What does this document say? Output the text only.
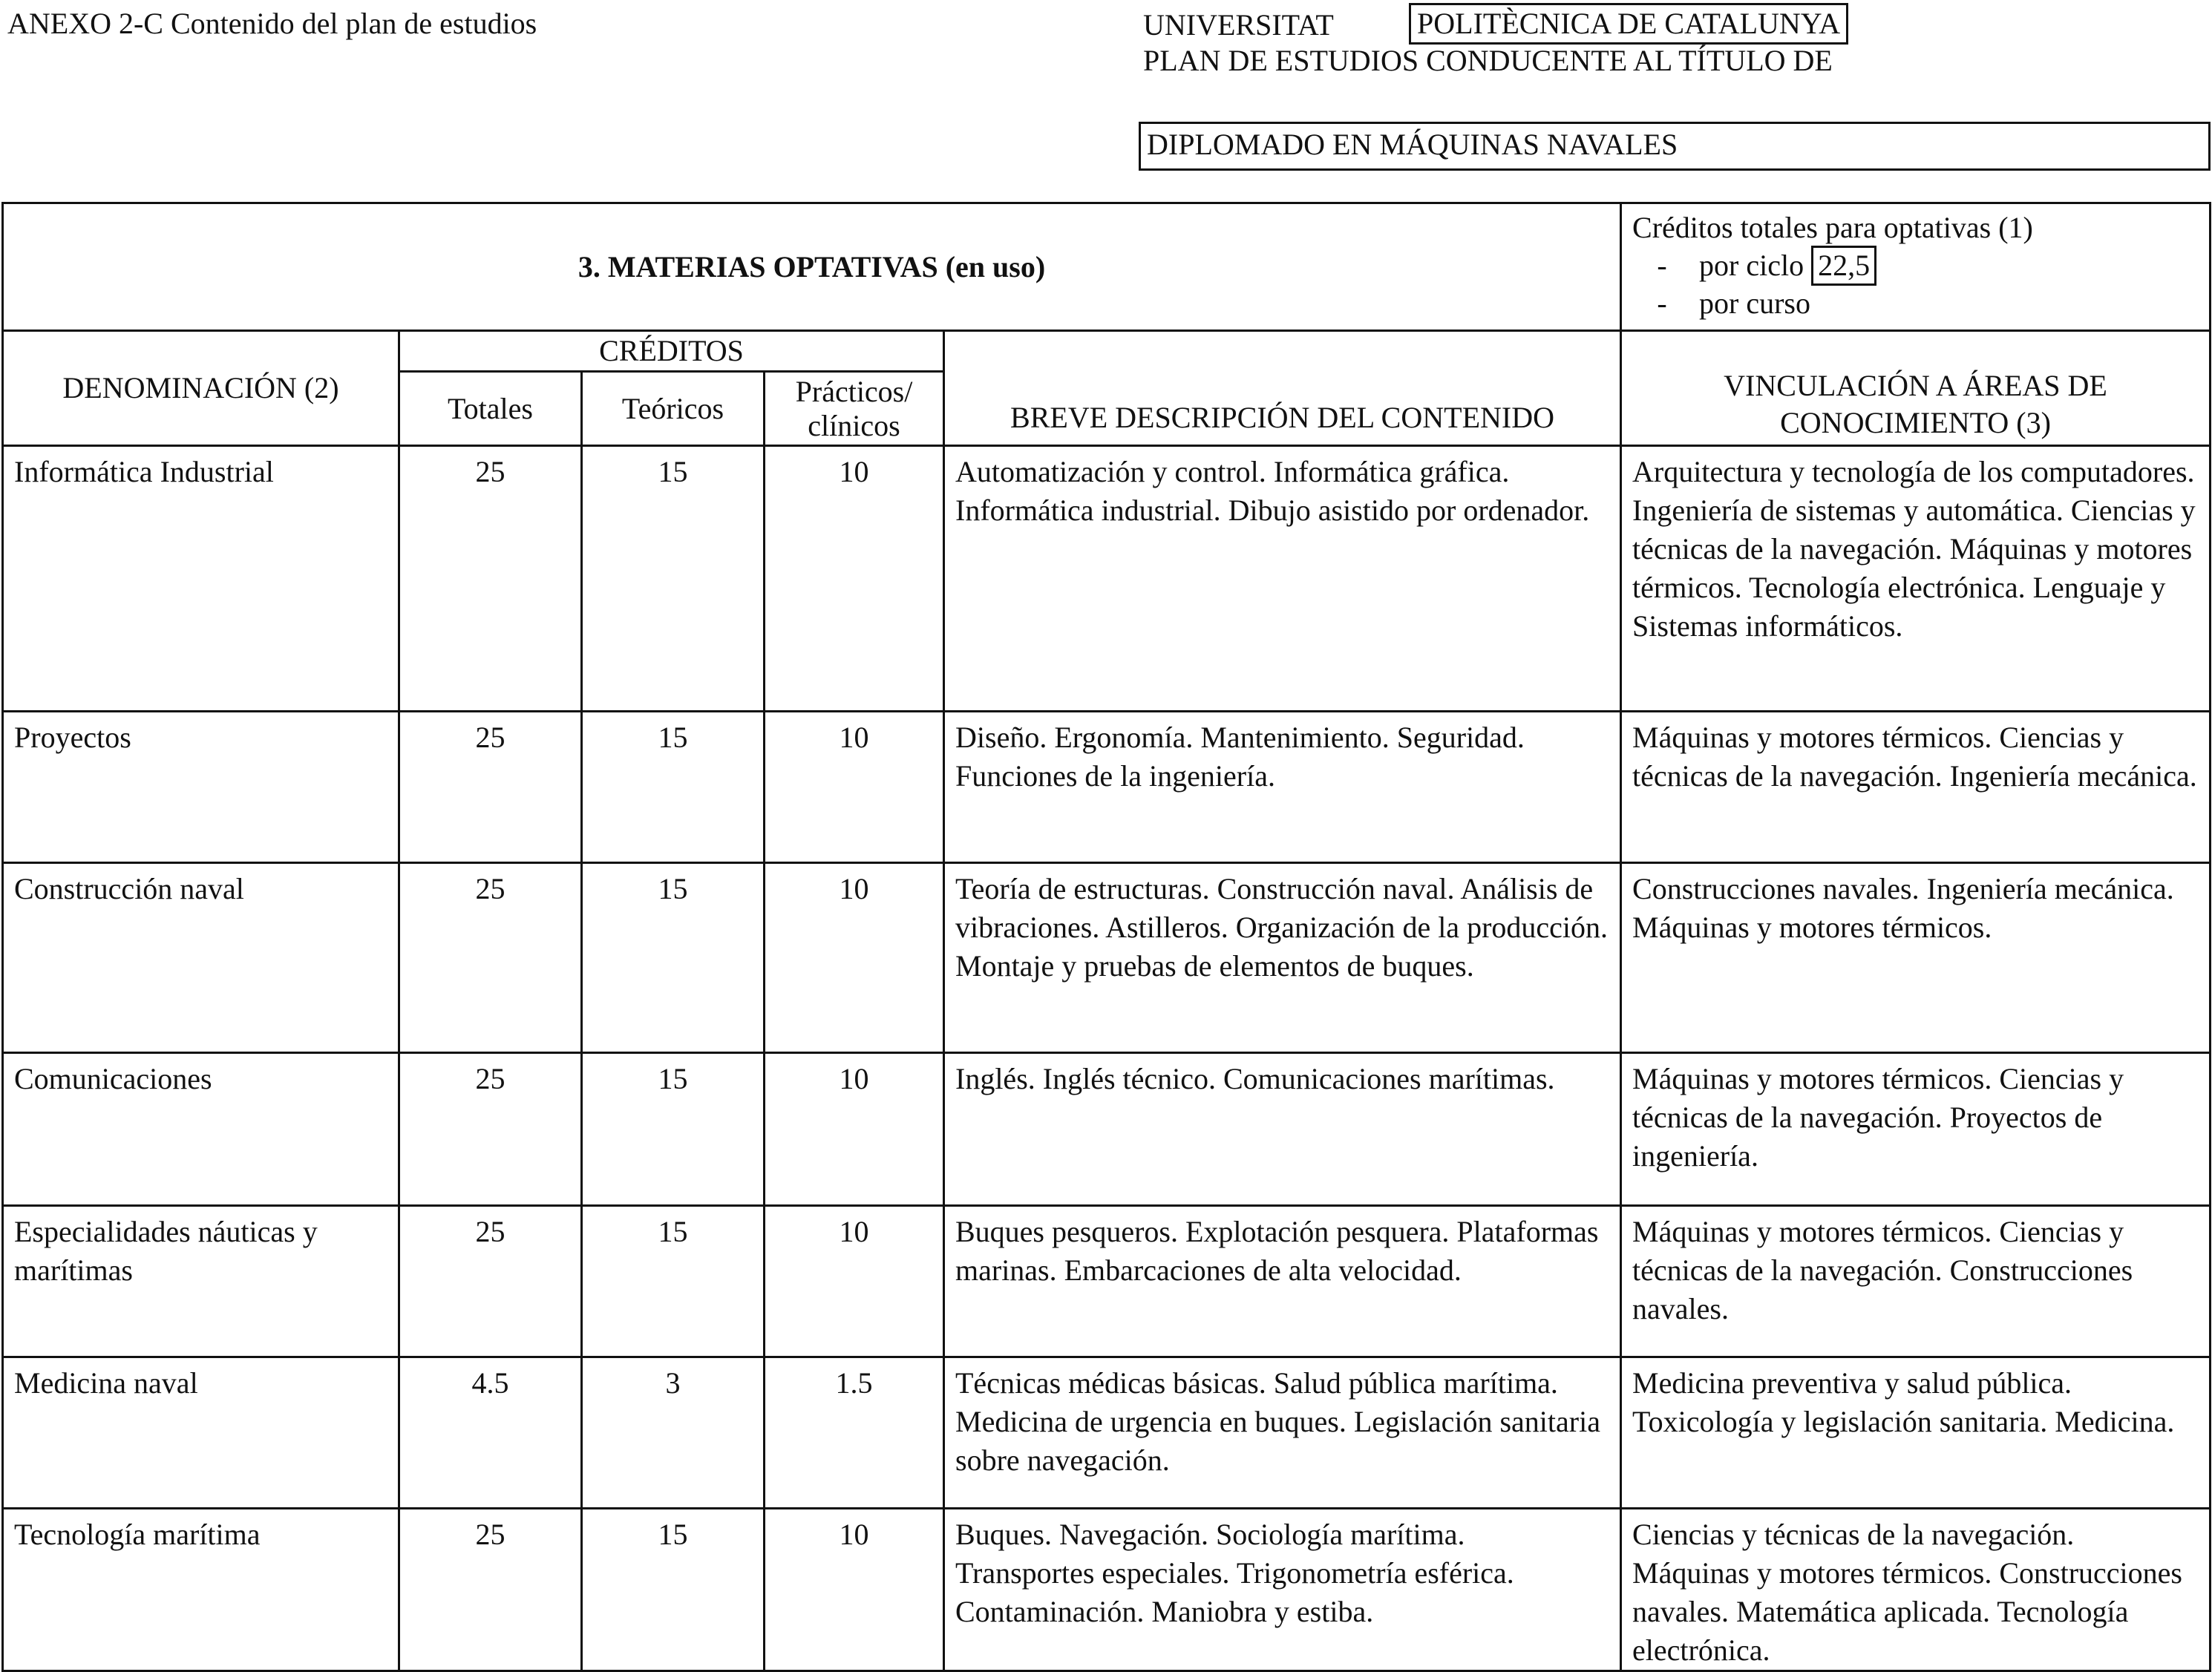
ANEXO 2-C Contenido del plan de estudios	UNIVERSITAT	POLITÈCNICA DE CATALUNYA
PLAN DE ESTUDIOS CONDUCENTE AL TÍTULO DE
DIPLOMADO EN MÁQUINAS NAVALES
3. MATERIAS OPTATIVAS (en uso)					Créditos totales para optativas (1)
- por ciclo 22,5
- por curso

DENOMINACIÓN (2)	CRÉDITOS			BREVE DESCRIPCIÓN DEL CONTENIDO	VINCULACIÓN A ÁREAS DE
CONOCIMIENTO (3)

	Totales	Teóricos	Prácticos/
clínicos		

Informática Industrial	25	15	10	Automatización y control. Informática gráfica. Informática industrial. Dibujo asistido por ordenador.	Arquitectura y tecnología de los computadores. Ingeniería de sistemas y automática. Ciencias y técnicas de la navegación. Máquinas y motores térmicos. Tecnología electrónica. Lenguaje y Sistemas informáticos.
Proyectos	25	15	10	Diseño. Ergonomía. Mantenimiento. Seguridad. Funciones de la ingeniería.	Máquinas y motores térmicos. Ciencias y técnicas de la navegación. Ingeniería mecánica.
Construcción naval	25	15	10	Teoría de estructuras. Construcción naval. Análisis de vibraciones. Astilleros. Organización de la producción. Montaje y pruebas de elementos de buques.	Construcciones navales. Ingeniería mecánica. Máquinas y motores térmicos.
Comunicaciones	25	15	10	Inglés. Inglés técnico. Comunicaciones marítimas.	Máquinas y motores térmicos. Ciencias y técnicas de la navegación. Proyectos de ingeniería.
Especialidades náuticas y marítimas	25	15	10	Buques pesqueros. Explotación pesquera. Plataformas marinas. Embarcaciones de alta velocidad.	Máquinas y motores térmicos. Ciencias y técnicas de la navegación. Construcciones navales.
Medicina naval	4.5	3	1.5	Técnicas médicas básicas. Salud pública marítima. Medicina de urgencia en buques. Legislación sanitaria sobre navegación.	Medicina preventiva y salud pública. Toxicología y legislación sanitaria. Medicina.
Tecnología marítima	25	15	10	Buques. Navegación. Sociología marítima. Transportes especiales. Trigonometría esférica. Contaminación. Maniobra y estiba.	Ciencias y técnicas de la navegación. Máquinas y motores térmicos. Construcciones navales. Matemática aplicada. Tecnología electrónica.
